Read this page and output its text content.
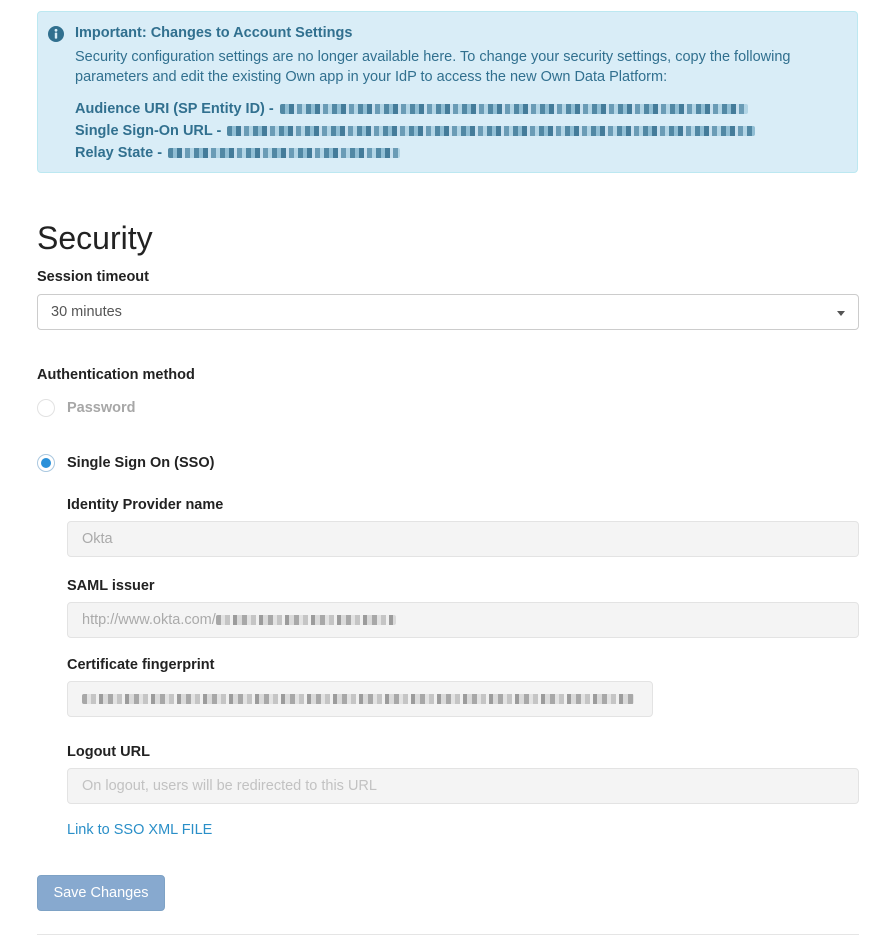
Important: Changes to Account Settings
Security configuration settings are no longer available here. To change your security settings, copy the following parameters and edit the existing Own app in your IdP to access the new Own Data Platform:
Audience URI (SP Entity ID) -
Single Sign-On URL -
Relay State -
Security
Session timeout
30 minutes
Authentication method
Password
Single Sign On (SSO)
Identity Provider name
Okta
SAML issuer
http://www.okta.com/
Certificate fingerprint
Logout URL
On logout, users will be redirected to this URL
Link to SSO XML FILE
Save Changes
